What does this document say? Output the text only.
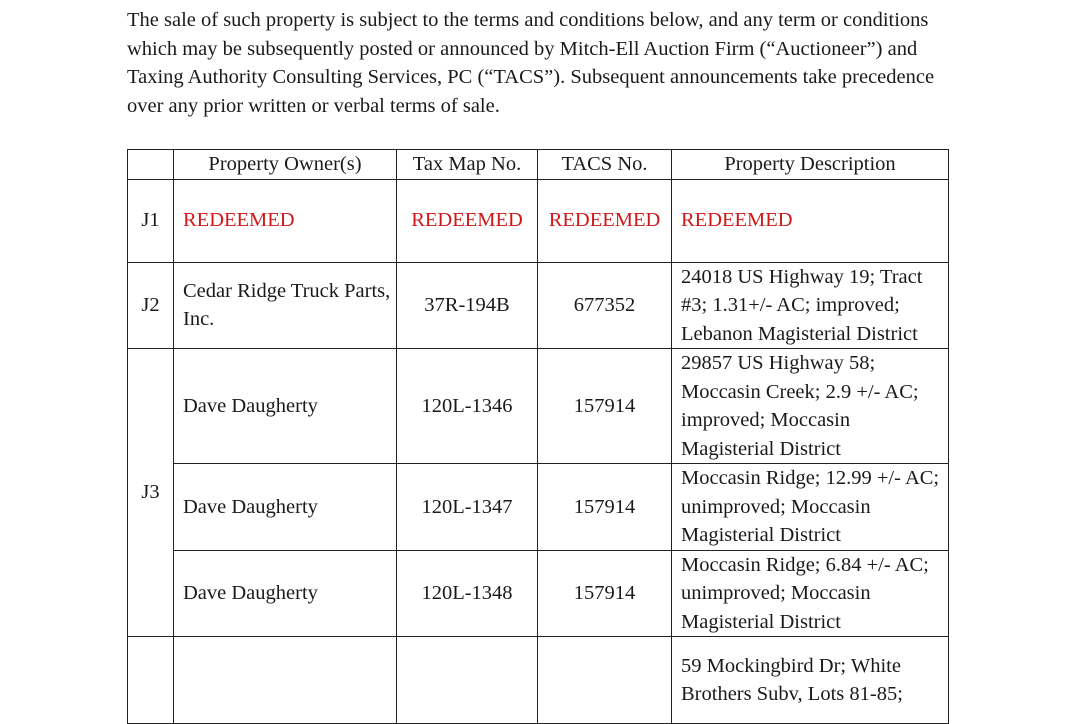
The sale of such property is subject to the terms and conditions below, and any term or conditions which may be subsequently posted or announced by Mitch-Ell Auction Firm (“Auctioneer”) and Taxing Authority Consulting Services, PC (“TACS”). Subsequent announcements take precedence over any prior written or verbal terms of sale.

	Property Owner(s)	Tax Map No.	TACS No.	Property Description
J1	REDEEMED	REDEEMED	REDEEMED	REDEEMED
J2	Cedar Ridge Truck Parts, Inc.	37R-194B	677352	24018 US Highway 19; Tract #3; 1.31+/- AC; improved; Lebanon Magisterial District
J3	Dave Daugherty	120L-1346	157914	29857 US Highway 58; Moccasin Creek; 2.9 +/- AC; improved; Moccasin Magisterial District
	Dave Daugherty	120L-1347	157914	Moccasin Ridge; 12.99 +/- AC; unimproved; Moccasin Magisterial District
	Dave Daugherty	120L-1348	157914	Moccasin Ridge; 6.84 +/- AC; unimproved; Moccasin Magisterial District
				59 Mockingbird Dr; White Brothers Subv, Lots 81-85;
